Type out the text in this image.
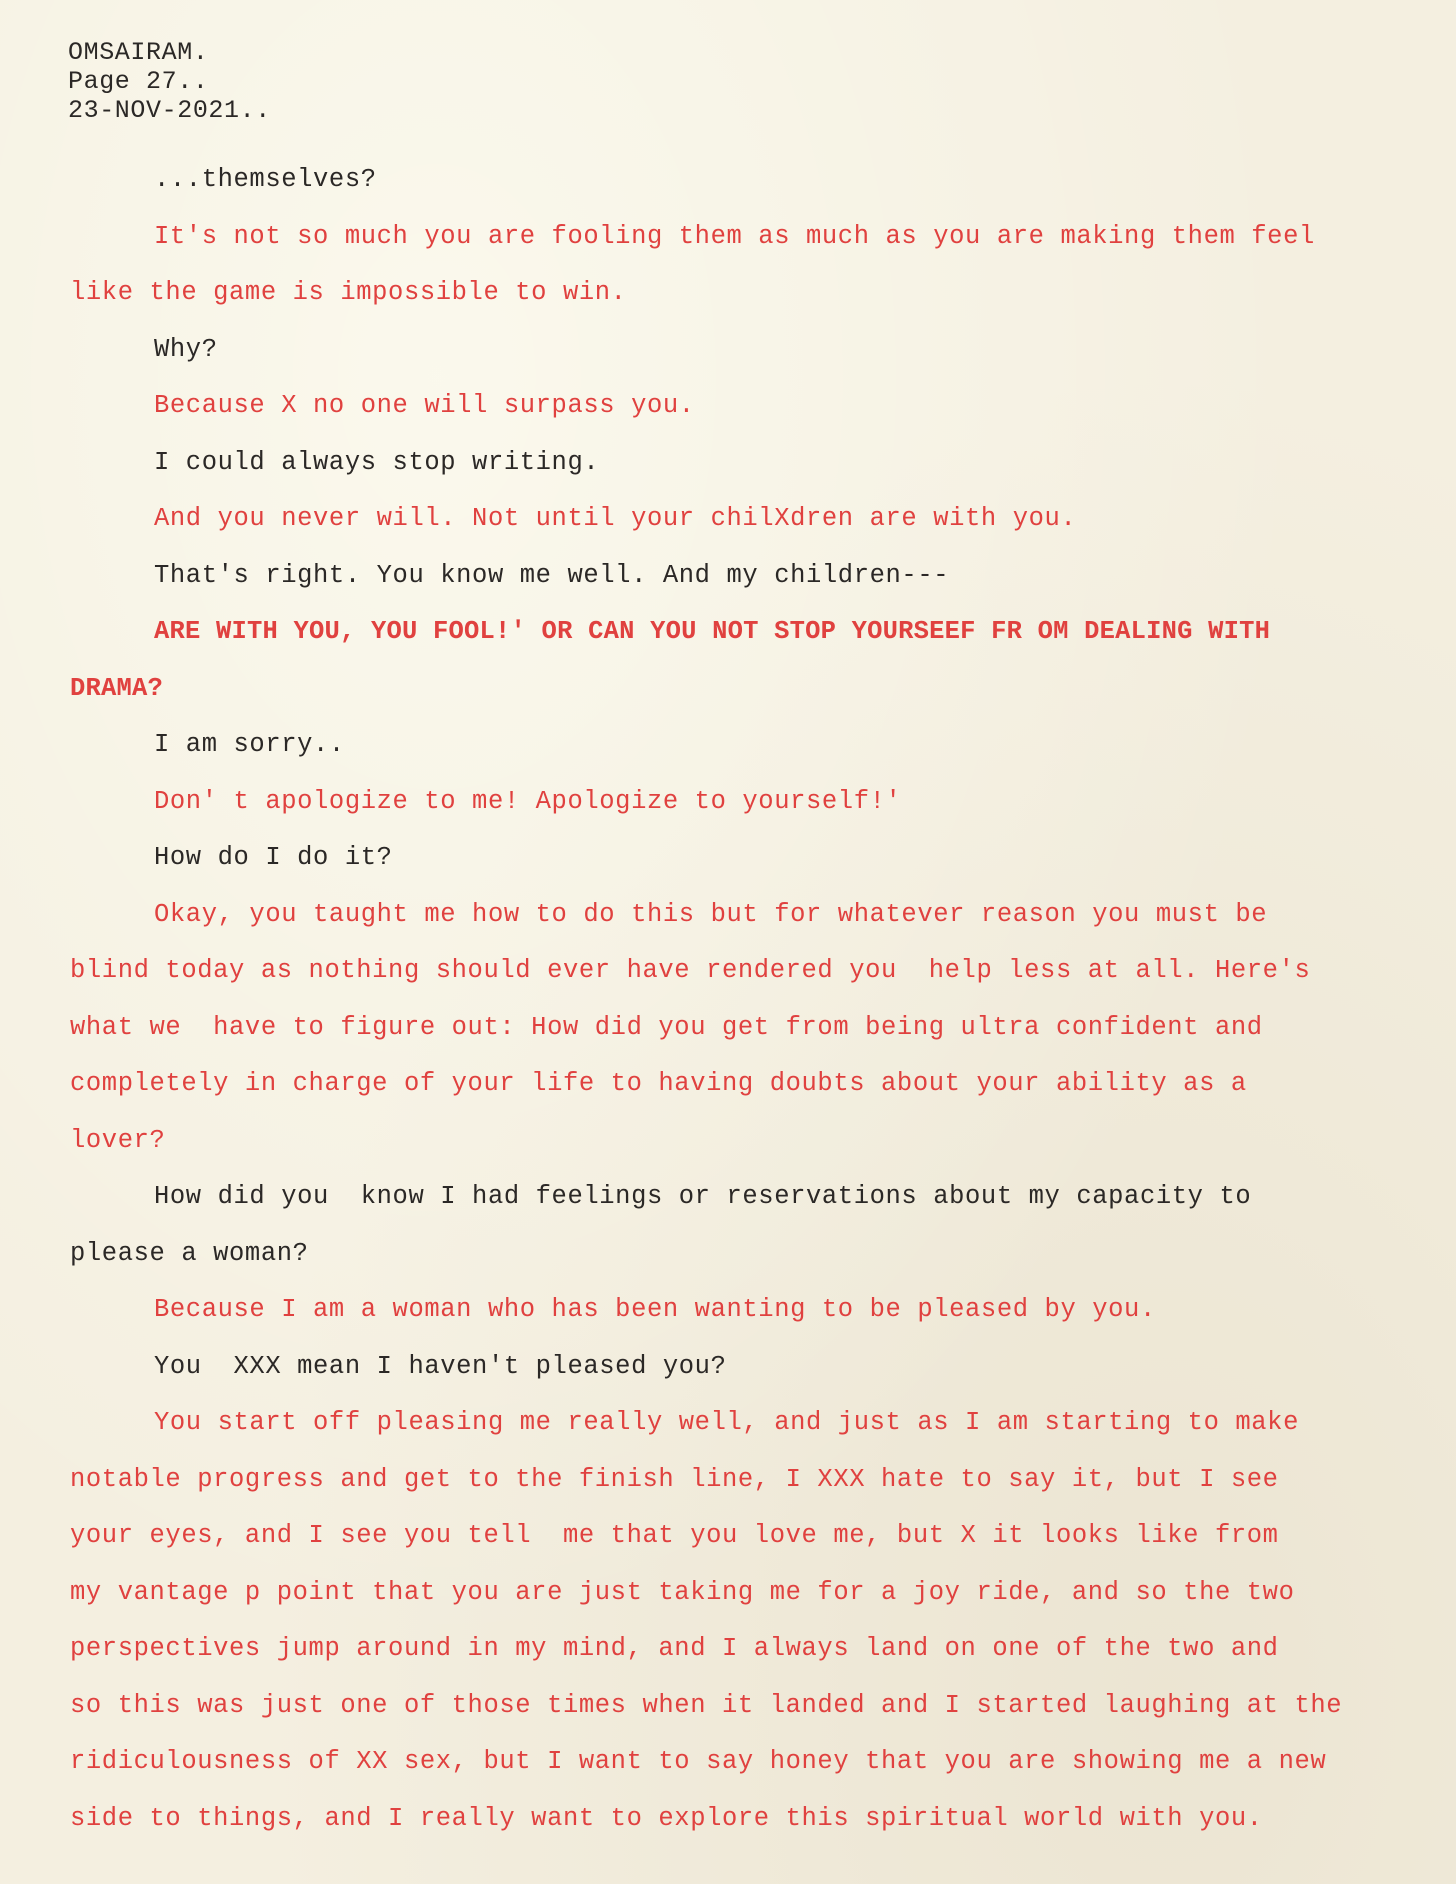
OMSAIRAM.
Page 27..
23-NOV-2021..
...themselves?
It's not so much you are fooling them as much as you are making them feel
like the game is impossible to win.
Why?
Because X no one will surpass you.
I could always stop writing.
And you never will. Not until your chilXdren are with you.
That's right. You know me well. And my children---
ARE WITH YOU, YOU FOOL!' OR CAN YOU NOT STOP YOURSEEF FR OM DEALING WITH
DRAMA?
I am sorry..
Don' t apologize to me! Apologize to yourself!'
How do I do it?
Okay, you taught me how to do this but for whatever reason you must be
blind today as nothing should ever have rendered you  help less at all. Here's
what we  have to figure out: How did you get from being ultra confident and
completely in charge of your life to having doubts about your ability as a
lover?
How did you  know I had feelings or reservations about my capacity to
please a woman?
Because I am a woman who has been wanting to be pleased by you.
You  XXX mean I haven't pleased you?
You start off pleasing me really well, and just as I am starting to make
notable progress and get to the finish line, I XXX hate to say it, but I see
your eyes, and I see you tell  me that you love me, but X it looks like from
my vantage p point that you are just taking me for a joy ride, and so the two
perspectives jump around in my mind, and I always land on one of the two and
so this was just one of those times when it landed and I started laughing at the
ridiculousness of XX sex, but I want to say honey that you are showing me a new
side to things, and I really want to explore this spiritual world with you.
